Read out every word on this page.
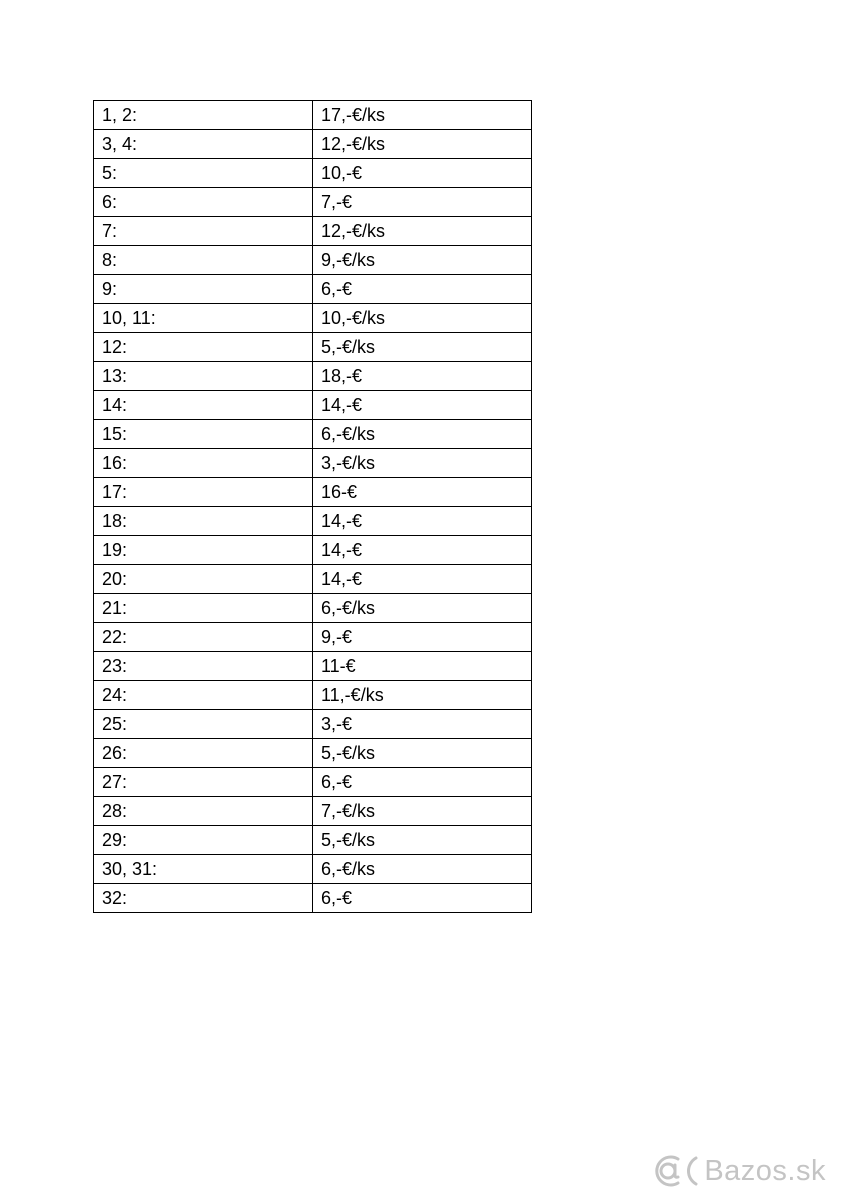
1, 2:	17,-€/ks
3, 4:	12,-€/ks
5:	10,-€
6:	7,-€
7:	12,-€/ks
8:	9,-€/ks
9:	6,-€
10, 11:	10,-€/ks
12:	5,-€/ks
13:	18,-€
14:	14,-€
15:	6,-€/ks
16:	3,-€/ks
17:	16-€
18:	14,-€
19:	14,-€
20:	14,-€
21:	6,-€/ks
22:	9,-€
23:	11-€
24:	11,-€/ks
25:	3,-€
26:	5,-€/ks
27:	6,-€
28:	7,-€/ks
29:	5,-€/ks
30, 31:	6,-€/ks
32:	6,-€
Bazos.sk
